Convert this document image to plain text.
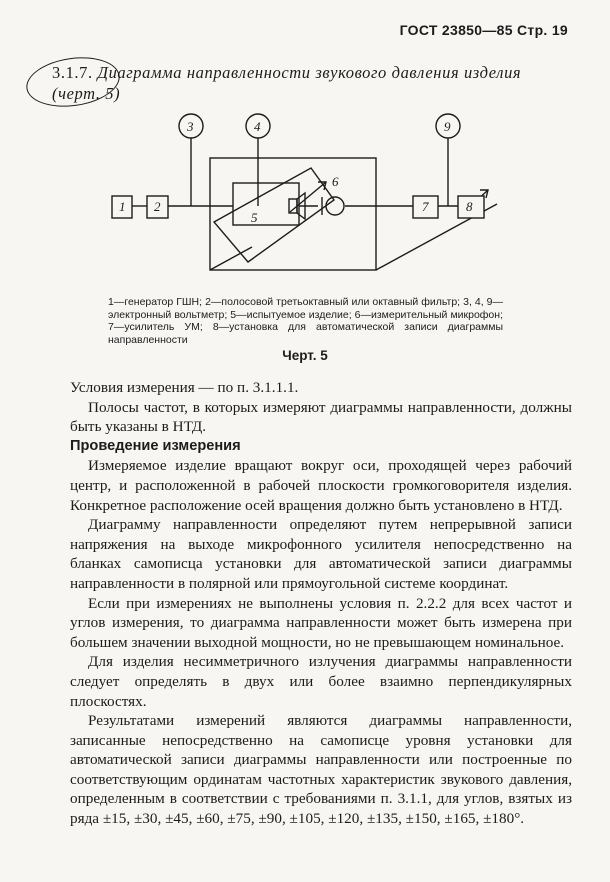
ГОСТ 23850—85 Стр. 19
3.1.7. Диаграмма направленности звукового давления изделия (черт. 5)
1 2	7	8
3	4	9
5
6
1—генератор ГШН; 2—полосовой третьоктавный или октавный фильтр; 3, 4, 9—электронный вольтметр; 5—испытуемое изделие; 6—измерительный микрофон; 7—усилитель УМ; 8—установка для автоматической записи диаграммы направленности
Черт. 5

Условия измерения — по п. 3.1.1.1.

Полосы частот, в которых измеряют диаграммы направленности, должны быть указаны в НТД.

Проведение измерения

Измеряемое изделие вращают вокруг оси, проходящей через рабочий центр, и расположенной в рабочей плоскости громкоговорителя изделия. Конкретное расположение осей вращения должно быть установлено в НТД.

Диаграмму направленности определяют путем непрерывной записи напряжения на выходе микрофонного усилителя непосредственно на бланках самописца установки для автоматической записи диаграммы направленности в полярной или прямоугольной системе координат.

Если при измерениях не выполнены условия п. 2.2.2 для всех частот и углов измерения, то диаграмма направленности может быть измерена при большем значении выходной мощности, но не превышающем номинальное.

Для изделия несимметричного излучения диаграммы направленности следует определять в двух или более взаимно перпендикулярных плоскостях.

Результатами измерений являются диаграммы направленности, записанные непосредственно на самописце уровня установки для автоматической записи диаграммы направленности или построенные по соответствующим ординатам частотных характеристик звукового давления, определенным в соответствии с требованиями п. 3.1.1, для углов, взятых из ряда ±15, ±30, ±45, ±60, ±75, ±90, ±105, ±120, ±135, ±150, ±165, ±180°.
